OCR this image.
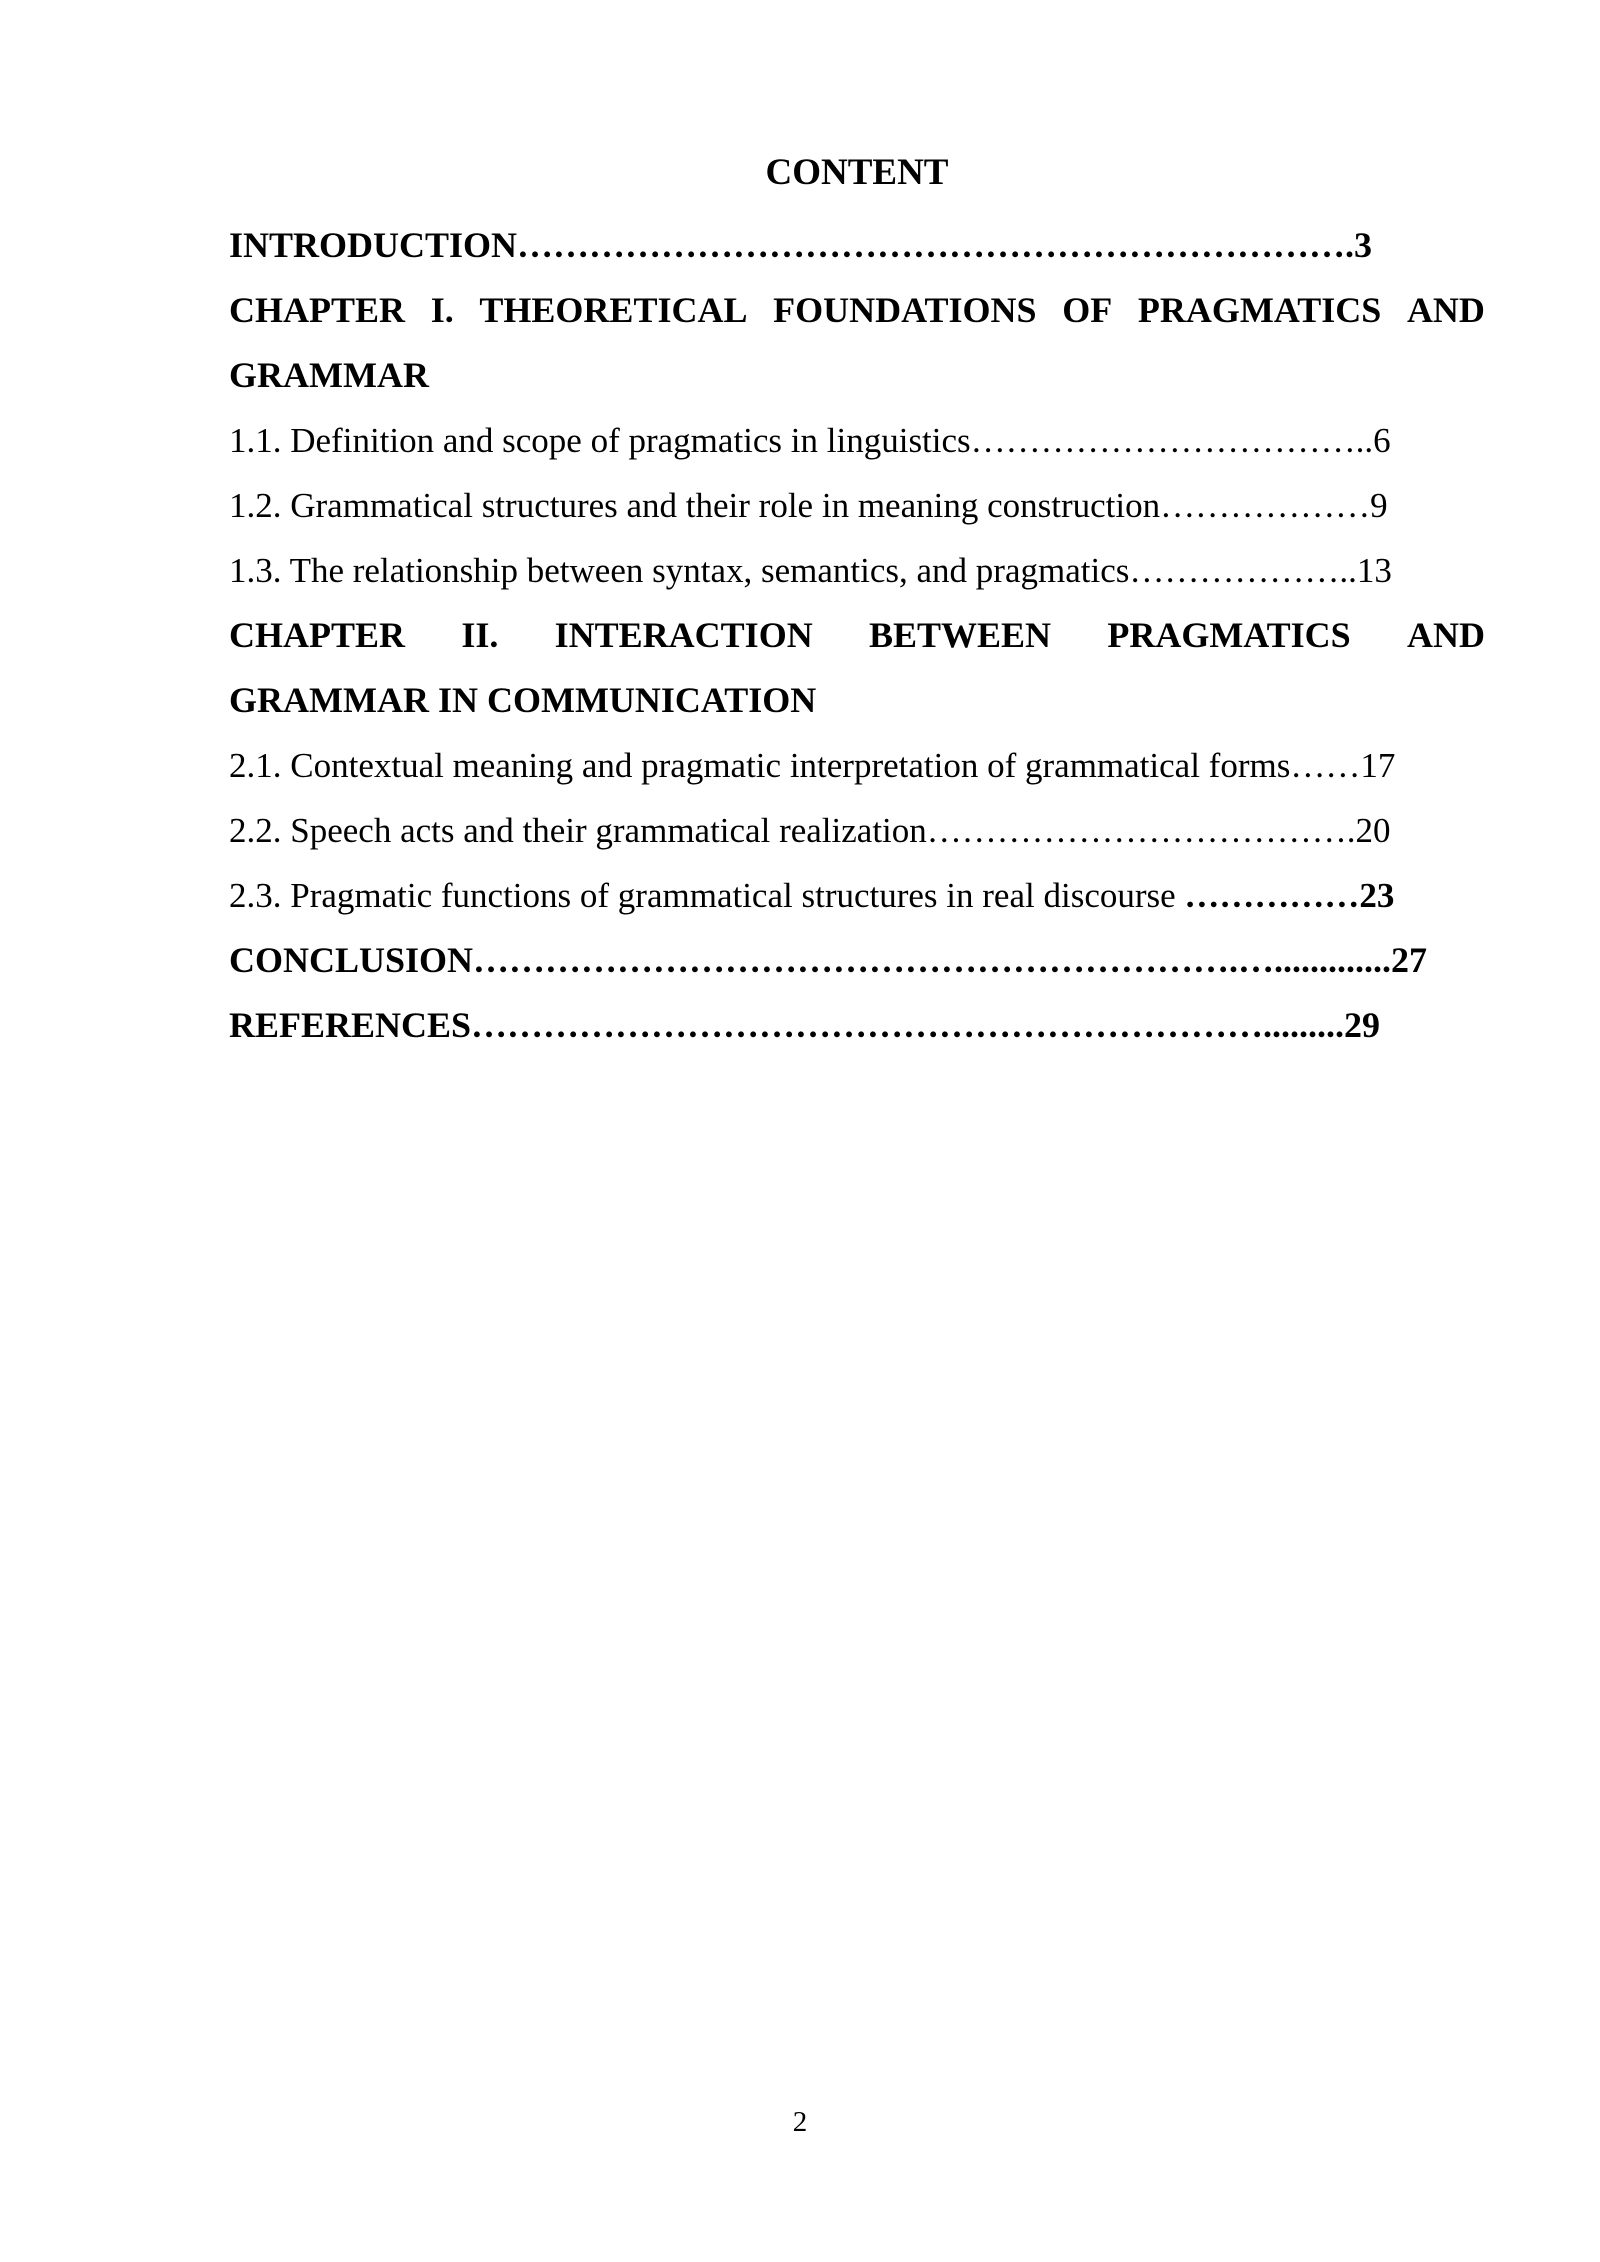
CONTENT
INTRODUCTION…………………………………………………………….3
CHAPTER I. THEORETICAL FOUNDATIONS OF PRAGMATICS AND
GRAMMAR
1.1. Definition and scope of pragmatics in linguistics……………………………..6
1.2. Grammatical structures and their role in meaning construction………………9
1.3. The relationship between syntax, semantics, and pragmatics………………..13
CHAPTER II. INTERACTION BETWEEN PRAGMATICS AND
GRAMMAR IN COMMUNICATION
2.1. Contextual meaning and pragmatic interpretation of grammatical forms……17
2.2. Speech acts and their grammatical realization……………………………….20
2.3. Pragmatic functions of grammatical structures in real discourse ……………23
CONCLUSION……………………………………………………….….............27
REFERENCES………………………………………………………….........29
2
